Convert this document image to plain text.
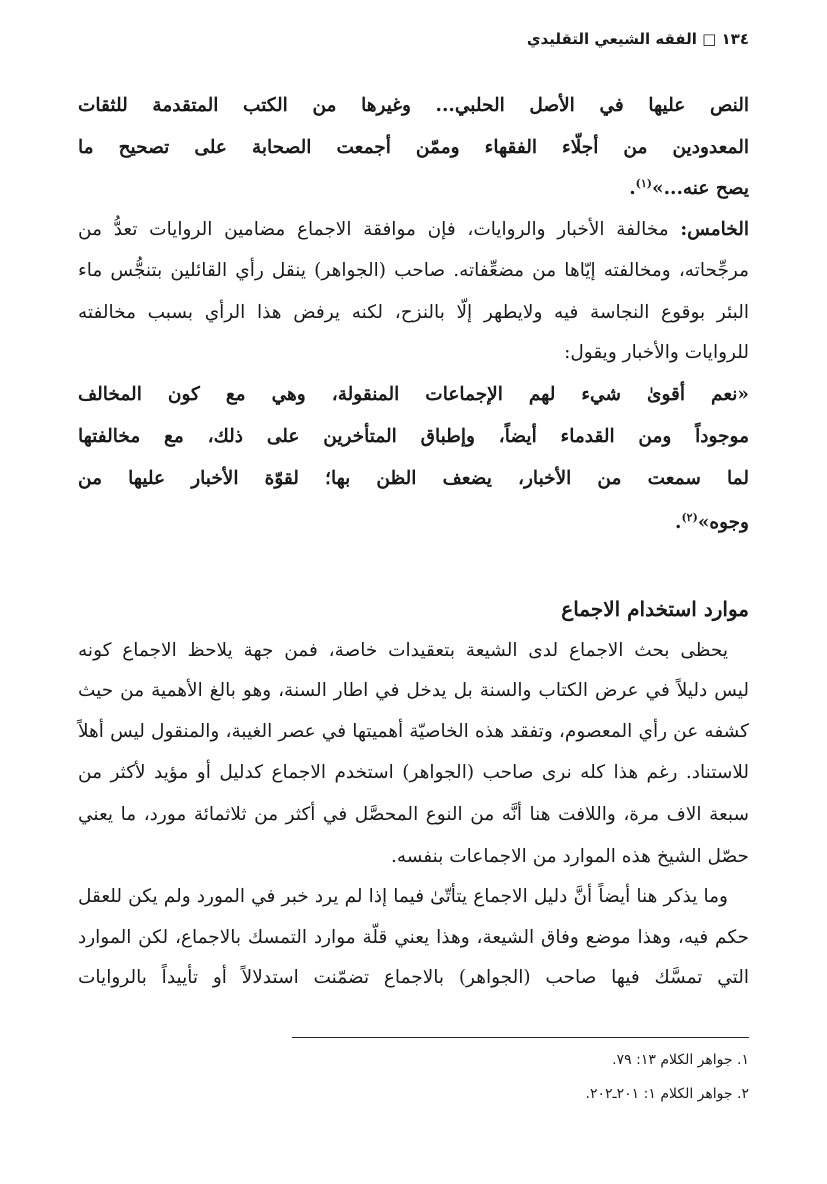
١٣٤ □ الفقه الشيعي التقليدي
النص عليها في الأصل الحلبي... وغيرها من الكتب المتقدمة للثقات
المعدودين من أجلّاء الفقهاء وممّن أجمعت الصحابة على تصحيح ما
يصح عنه...»$^{(١)}$.
الخامس: مخالفة الأخبار والروايات، فإن موافقة الاجماع مضامين الروايات تعدُّ من
مرجِّحاته، ومخالفته إيّاها من مضعِّفاته. صاحب (الجواهر) ينقل رأي القائلين بتنجُّس ماء
البئر بوقوع النجاسة فيه ولايطهر إلّا بالنزح، لكنه يرفض هذا الرأي بسبب مخالفته
للروايات والأخبار ويقول:
«نعم أقوىٰ شيء لهم الإجماعات المنقولة، وهي مع كون المخالف
موجوداً ومن القدماء أيضاً، وإطباق المتأخرين على ذلك، مع مخالفتها
لما سمعت من الأخبار، يضعف الظن بها؛ لقوّة الأخبار عليها من
وجوه»$^{(٢)}$.
موارد استخدام الاجماع
يحظى بحث الاجماع لدى الشيعة بتعقيدات خاصة، فمن جهة يلاحظ الاجماع كونه
ليس دليلاً في عرض الكتاب والسنة بل يدخل في اطار السنة، وهو بالغ الأهمية من حيث
كشفه عن رأي المعصوم، وتفقد هذه الخاصيّة أهميتها في عصر الغيبة، والمنقول ليس أهلاً
للاستناد. رغم هذا كله نرى صاحب (الجواهر) استخدم الاجماع كدليل أو مؤيد لأكثر من
سبعة الاف مرة، واللافت هنا أنَّه من النوع المحصَّل في أكثر من ثلاثمائة مورد، ما يعني
حصّل الشيخ هذه الموارد من الاجماعات بنفسه.
وما يذكر هنا أيضاً أنَّ دليل الاجماع يتأتّىٰ فيما إذا لم يرد خبر في المورد ولم يكن للعقل
حكم فيه، وهذا موضع وفاق الشيعة، وهذا يعني قلّة موارد التمسك بالاجماع، لكن الموارد
التي تمسَّك فيها صاحب (الجواهر) بالاجماع تضمّنت استدلالاً أو تأييداً بالروايات
١. جواهر الكلام ١٣: ٧٩.
٢. جواهر الكلام ١: ٢٠١ـ٢٠٢.
